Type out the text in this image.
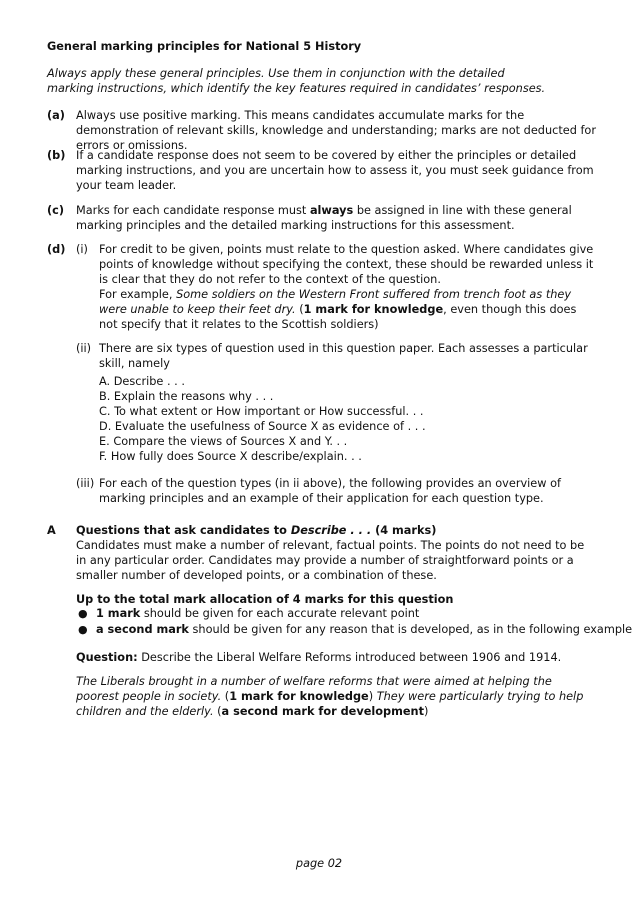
General marking principles for National 5 History
Always apply these general principles. Use them in conjunction with the detailed marking instructions, which identify the key features required in candidates’ responses.
(a) Always use positive marking. This means candidates accumulate marks for the demonstration of relevant skills, knowledge and understanding; marks are not deducted for errors or omissions.
(b) If a candidate response does not seem to be covered by either the principles or detailed marking instructions, and you are uncertain how to assess it, you must seek guidance from your team leader.
(c) Marks for each candidate response must always be assigned in line with these general marking principles and the detailed marking instructions for this assessment.
(d) (i) For credit to be given, points must relate to the question asked. Where candidates give points of knowledge without specifying the context, these should be rewarded unless it is clear that they do not refer to the context of the question.
For example, Some soldiers on the Western Front suffered from trench foot as they were unable to keep their feet dry. (1 mark for knowledge, even though this does not specify that it relates to the Scottish soldiers)
(ii) There are six types of question used in this question paper. Each assesses a particular skill, namely
A. Describe . . .
B. Explain the reasons why . . .
C. To what extent or How important or How successful. . .
D. Evaluate the usefulness of Source X as evidence of . . .
E. Compare the views of Sources X and Y. . .
F. How fully does Source X describe/explain. . .
(iii) For each of the question types (in ii above), the following provides an overview of marking principles and an example of their application for each question type.
A Questions that ask candidates to Describe . . . (4 marks)
Candidates must make a number of relevant, factual points. The points do not need to be in any particular order. Candidates may provide a number of straightforward points or a smaller number of developed points, or a combination of these.
Up to the total mark allocation of 4 marks for this question
● 1 mark should be given for each accurate relevant point
● a second mark should be given for any reason that is developed, as in the following example
Question: Describe the Liberal Welfare Reforms introduced between 1906 and 1914.
The Liberals brought in a number of welfare reforms that were aimed at helping the poorest people in society. (1 mark for knowledge) They were particularly trying to help children and the elderly. (a second mark for development)
page 02
